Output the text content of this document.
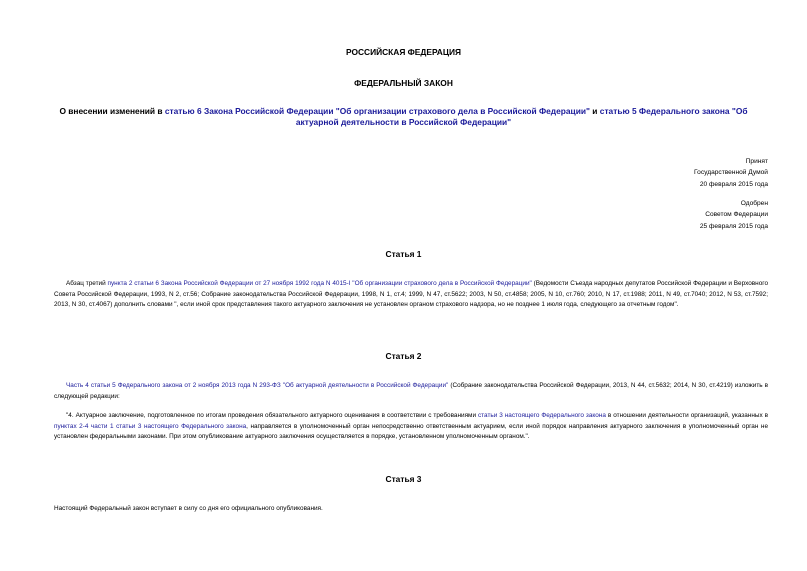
РОССИЙСКАЯ ФЕДЕРАЦИЯ
ФЕДЕРАЛЬНЫЙ ЗАКОН
О внесении изменений в статью 6 Закона Российской Федерации "Об организации страхового дела в Российской Федерации" и статью 5 Федерального закона "Об актуарной деятельности в Российской Федерации"
Принят
Государственной Думой
20 февраля 2015 года
Одобрен
Советом Федерации
25 февраля 2015 года
Статья 1
Абзац третий пункта 2 статьи 6 Закона Российской Федерации от 27 ноября 1992 года N 4015-I "Об организации страхового дела в Российской Федерации" (Ведомости Съезда народных депутатов Российской Федерации и Верховного Совета Российской Федерации, 1993, N 2, ст.56; Собрание законодательства Российской Федерации, 1998, N 1, ст.4; 1999, N 47, ст.5622; 2003, N 50, ст.4858; 2005, N 10, ст.760; 2010, N 17, ст.1988; 2011, N 49, ст.7040; 2012, N 53, ст.7592; 2013, N 30, ст.4067) дополнить словами ", если иной срок представления такого актуарного заключения не установлен органом страхового надзора, но не позднее 1 июля года, следующего за отчетным годом".
Статья 2
Часть 4 статьи 5 Федерального закона от 2 ноября 2013 года N 293-ФЗ "Об актуарной деятельности в Российской Федерации" (Собрание законодательства Российской Федерации, 2013, N 44, ст.5632; 2014, N 30, ст.4219) изложить в следующей редакции:
"4. Актуарное заключение, подготовленное по итогам проведения обязательного актуарного оценивания в соответствии с требованиями статьи 3 настоящего Федерального закона в отношении деятельности организаций, указанных в пунктах 2-4 части 1 статьи 3 настоящего Федерального закона, направляется в уполномоченный орган непосредственно ответственным актуарием, если иной порядок направления актуарного заключения в уполномоченный орган не установлен федеральными законами. При этом опубликование актуарного заключения осуществляется в порядке, установленном уполномоченным органом.".
Статья 3
Настоящий Федеральный закон вступает в силу со дня его официального опубликования.
